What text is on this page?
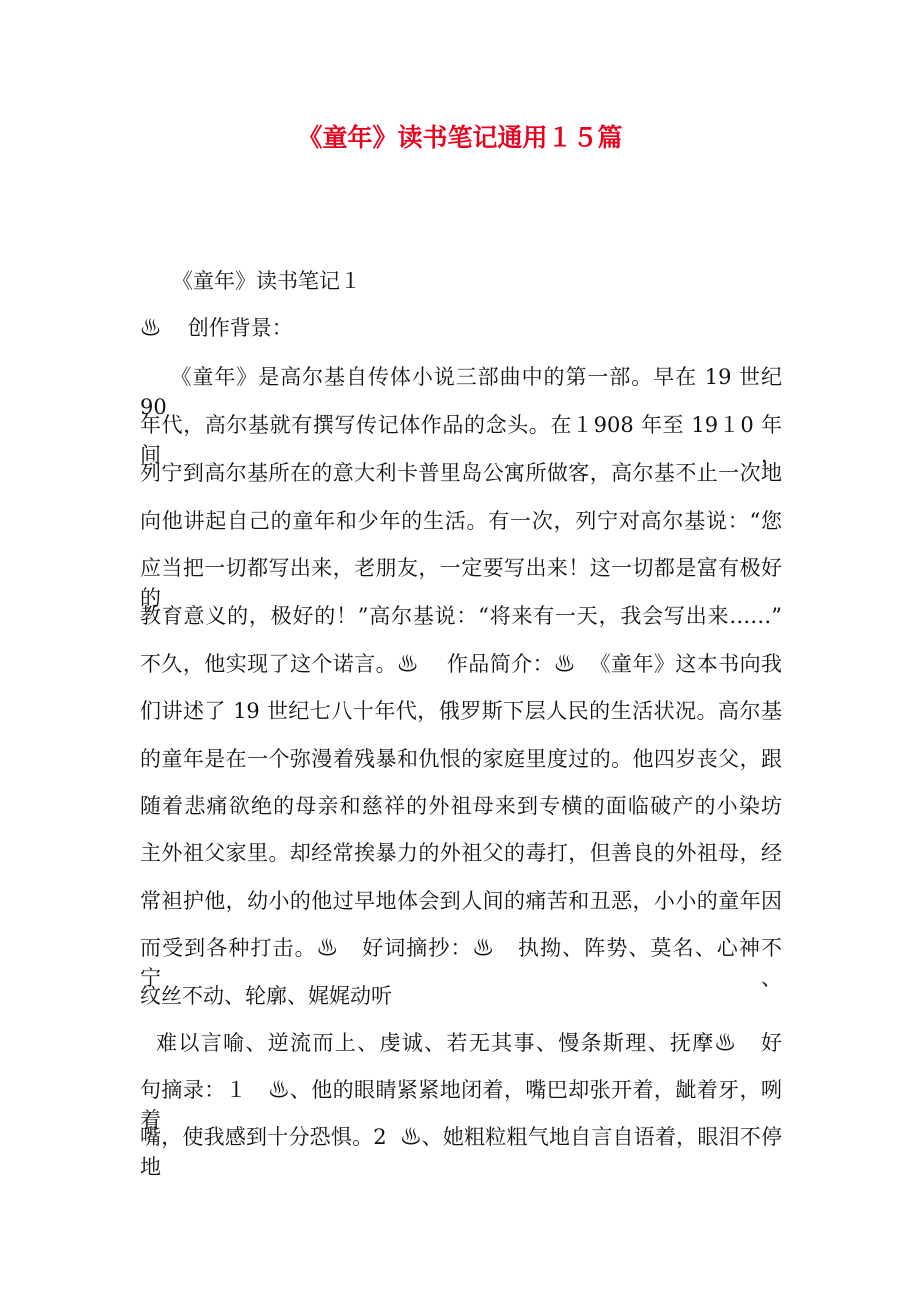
《童年》读书笔记通用１５篇
《童年》读书笔记１
♨    创作背景：
《童年》是高尔基自传体小说三部曲中的第一部。早在 19 世纪 90
年代，高尔基就有撰写传记体作品的念头。在１908 年至 19１0 年间，
列宁到高尔基所在的意大利卡普里岛公寓所做客，高尔基不止一次地
向他讲起自己的童年和少年的生活。有一次，列宁对高尔基说：“您
应当把一切都写出来，老朋友，一定要写出来！这一切都是富有极好的
教育意义的，极好的！”高尔基说：“将来有一天，我会写出来……”
不久，他实现了这个诺言。♨    作品简介：♨  《童年》这本书向我
们讲述了 19 世纪七八十年代，俄罗斯下层人民的生活状况。高尔基
的童年是在一个弥漫着残暴和仇恨的家庭里度过的。他四岁丧父，跟
随着悲痛欲绝的母亲和慈祥的外祖母来到专横的面临破产的小染坊
主外祖父家里。却经常挨暴力的外祖父的毒打，但善良的外祖母，经
常袒护他，幼小的他过早地体会到人间的痛苦和丑恶，小小的童年因
而受到各种打击。♨   好词摘抄：♨   执拗、阵势、莫名、心神不宁、
纹丝不动、轮廓、娓娓动听
难以言喻、逆流而上、虔诚、若无其事、慢条斯理、抚摩♨   好
句摘录：１   ♨、他的眼睛紧紧地闭着，嘴巴却张开着，龇着牙，咧着
嘴，使我感到十分恐惧。2  ♨、她粗粒粗气地自言自语着，眼泪不停地
